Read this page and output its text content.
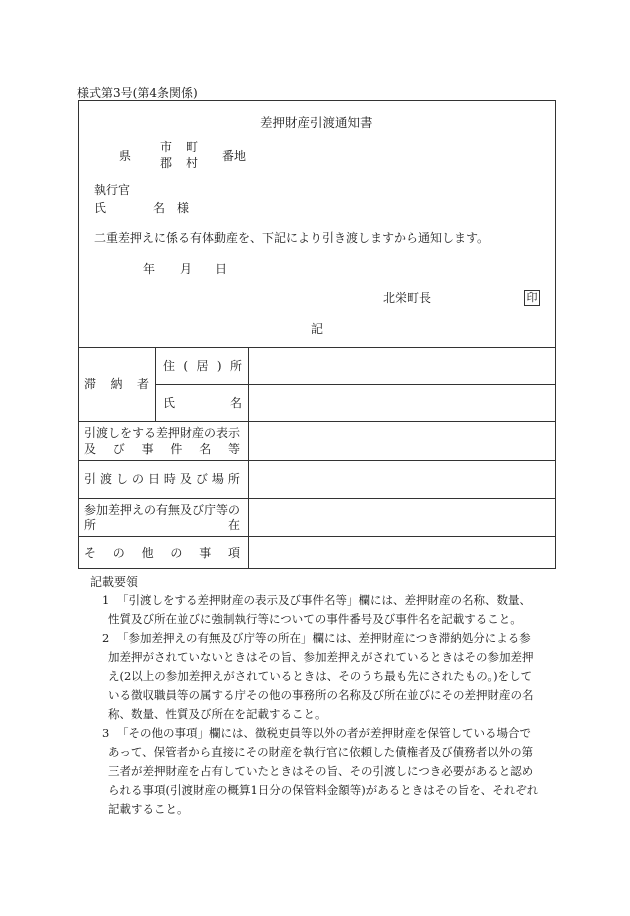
様式第3号(第4条関係)
差押財産引渡通知書
県
市 町
郡 村 番地
執行官
氏	名 様
二重差押えに係る有体動産を、下記により引き渡しますから通知します。
年 月 日
北栄町長	印
記
滞 納 者
住 ( 居 ) 所
氏	名
引渡しをする差押財産の表示
及 び 事 件 名 等
引 渡 し の 日 時 及 び 場 所
参加差押えの有無及び庁等の
所	在
そ の 他 の 事 項
記載要領
1 「引渡しをする差押財産の表示及び事件名等」欄には、差押財産の名称、数量、
性質及び所在並びに強制執行等についての事件番号及び事件名を記載すること。
2 「参加差押えの有無及び庁等の所在」欄には、差押財産につき滞納処分による参
加差押がされていないときはその旨、参加差押えがされているときはその参加差押
え(2以上の参加差押えがされているときは、そのうち最も先にされたもの。)をして
いる徴収職員等の属する庁その他の事務所の名称及び所在並びにその差押財産の名
称、数量、性質及び所在を記載すること。
3 「その他の事項」欄には、徴税吏員等以外の者が差押財産を保管している場合で
あって、保管者から直接にその財産を執行官に依頼した債権者及び債務者以外の第
三者が差押財産を占有していたときはその旨、その引渡しにつき必要があると認め
られる事項(引渡財産の概算1日分の保管料金額等)があるときはその旨を、それぞれ
記載すること。
